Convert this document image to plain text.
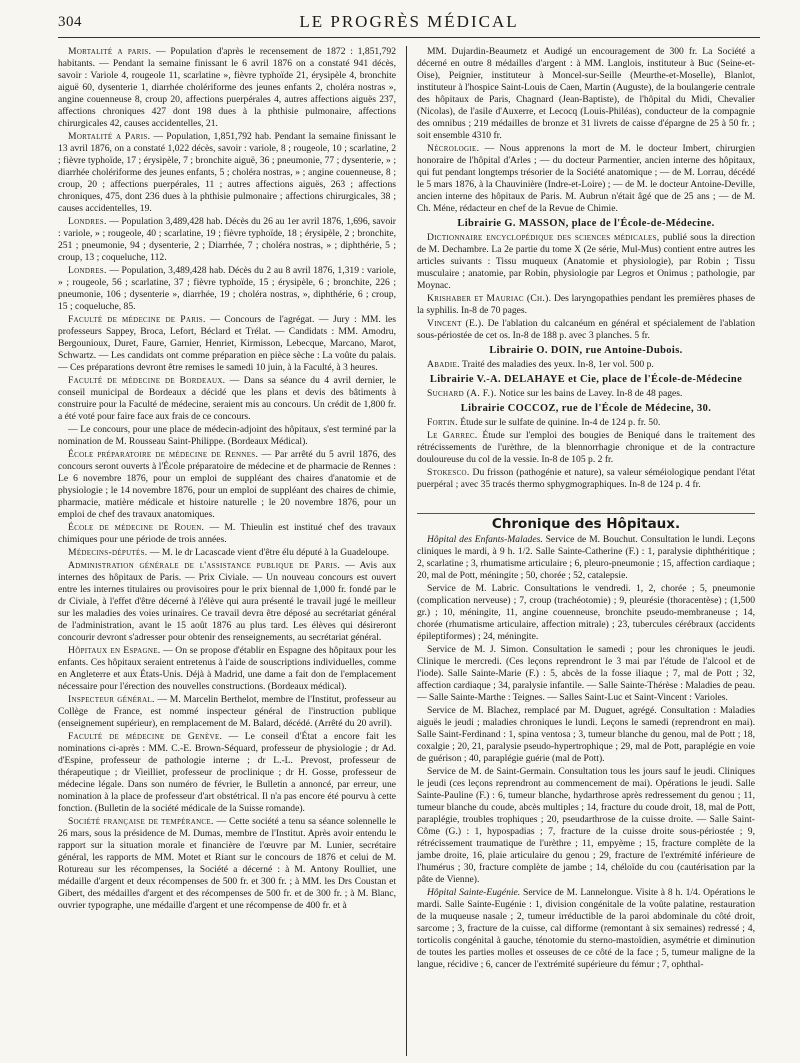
304	LE PROGRÈS MÉDICAL

Mortalité a paris. — Population d'après le recensement de 1872 : 1,851,792 habitants. — Pendant la semaine finissant le 6 avril 1876 on a constaté 941 décès, savoir : Variole 4, rougeole 11, scarlatine », fièvre typhoïde 21, érysipèle 4, bronchite aiguë 60, dysenterie 1, diarrhée cholériforme des jeunes enfants 2, choléra nostras », angine couenneuse 8, croup 20, affections puerpérales 4, autres affections aiguës 237, affections chroniques 427 dont 198 dues à la phthisie pulmonaire, affections chirurgicales 42, causes accidentelles, 21.

Mortalité a Paris. — Population, 1,851,792 hab. Pendant la semaine finissant le 13 avril 1876, on a constaté 1,022 décès, savoir : variole, 8 ; rougeole, 10 ; scarlatine, 2 ; fièvre typhoïde, 17 ; érysipèle, 7 ; bronchite aiguë, 36 ; pneumonie, 77 ; dysenterie, » ; diarrhée cholériforme des jeunes enfants, 5 ; choléra nostras, » ; angine couenneuse, 8 ; croup, 20 ; affections puerpérales, 11 ; autres affections aiguës, 263 ; affections chroniques, 475, dont 236 dues à la phthisie pulmonaire ; affections chirurgicales, 38 ; causes accidentelles, 19.

Londres. — Population 3,489,428 hab. Décès du 26 au 1er avril 1876, 1,696, savoir : variole, » ; rougeole, 40 ; scarlatine, 19 ; fièvre typhoïde, 18 ; érysipèle, 2 ; bronchite, 251 ; pneumonie, 94 ; dysenterie, 2 ; Diarrhée, 7 ; choléra nostras, » ; diphthérie, 5 ; croup, 13 ; coqueluche, 112.

Londres. — Population, 3,489,428 hab. Décès du 2 au 8 avril 1876, 1,319 : variole, » ; rougeole, 56 ; scarlatine, 37 ; fièvre typhoïde, 15 ; érysipèle, 6 ; bronchite, 226 ; pneumonie, 106 ; dysenterie », diarrhée, 19 ; choléra nostras, », diphthérie, 6 ; croup, 15 ; coqueluche, 85.

Faculté de médecine de Paris. — Concours de l'agrégat. — Jury : MM. les professeurs Sappey, Broca, Lefort, Béclard et Trélat. — Candidats : MM. Amodru, Bergounioux, Duret, Faure, Garnier, Henriet, Kirmisson, Lebecque, Marcano, Marot, Schwartz. — Les candidats ont comme préparation en pièce sèche : La voûte du palais. — Ces préparations devront être remises le samedi 10 juin, à la Faculté, à 3 heures.

Faculté de médecine de Bordeaux. — Dans sa séance du 4 avril dernier, le conseil municipal de Bordeaux a décidé que les plans et devis des bâtiments à construire pour la Faculté de médecine, seraient mis au concours. Un crédit de 1,800 fr. a été voté pour faire face aux frais de ce concours.

— Le concours, pour une place de médecin-adjoint des hôpitaux, s'est terminé par la nomination de M. Rousseau Saint-Philippe. (Bordeaux Médical).

École préparatoire de médecine de Rennes. — Par arrêté du 5 avril 1876, des concours seront ouverts à l'École préparatoire de médecine et de pharmacie de Rennes : Le 6 novembre 1876, pour un emploi de suppléant des chaires d'anatomie et de physiologie ; le 14 novembre 1876, pour un emploi de suppléant des chaires de chimie, pharmacie, matière médicale et histoire naturelle ; le 20 novembre 1876, pour un emploi de chef des travaux anatomiques.

École de médecine de Rouen. — M. Thieulin est institué chef des travaux chimiques pour une période de trois années.

Médecins-députés. — M. le dr Lacascade vient d'être élu député à la Guadeloupe.

Administration générale de l'assistance publique de Paris. — Avis aux internes des hôpitaux de Paris. — Prix Civiale. — Un nouveau concours est ouvert entre les internes titulaires ou provisoires pour le prix biennal de 1,000 fr. fondé par le dr Civiale, à l'effet d'être décerné à l'élève qui aura présenté le travail jugé le meilleur sur les maladies des voies urinaires. Ce travail devra être déposé au secrétariat général de l'administration, avant le 15 août 1876 au plus tard. Les élèves qui désireront concourir devront s'adresser pour obtenir des renseignements, au secrétariat général.

Hôpitaux en Espagne. — On se propose d'établir en Espagne des hôpitaux pour les enfants. Ces hôpitaux seraient entretenus à l'aide de souscriptions individuelles, comme en Angleterre et aux États-Unis. Déjà à Madrid, une dame a fait don de l'emplacement nécessaire pour l'érection des nouvelles constructions. (Bordeaux médical).

Inspecteur général. — M. Marcelin Berthelot, membre de l'Institut, professeur au Collège de France, est nommé inspecteur général de l'instruction publique (enseignement supérieur), en remplacement de M. Balard, décédé. (Arrêté du 20 avril).

Faculté de médecine de Genève. — Le conseil d'État a encore fait les nominations ci-après : MM. C.-E. Brown-Séquard, professeur de physiologie ; dr Ad. d'Espine, professeur de pathologie interne ; dr L.-L. Prevost, professeur de thérapeutique ; dr Vieilliet, professeur de proclinique ; dr H. Gosse, professeur de médecine légale. Dans son numéro de février, le Bulletin a annoncé, par erreur, une nomination à la place de professeur d'art obstétrical. Il n'a pas encore été pourvu à cette fonction. (Bulletin de la société médicale de la Suisse romande).

Société française de tempérance. — Cette société a tenu sa séance solennelle le 26 mars, sous la présidence de M. Dumas, membre de l'Institut. Après avoir entendu le rapport sur la situation morale et financière de l'œuvre par M. Lunier, secrétaire général, les rapports de MM. Motet et Riant sur le concours de 1876 et celui de M. Rotureau sur les récompenses, la Société a décerné : à M. Antony Roulliet, une médaille d'argent et deux récompenses de 500 fr. et 300 fr. ; à MM. les Drs Coustan et Gibert, des médailles d'argent et des récompenses de 500 fr. et de 300 fr. ; à M. Blanc, ouvrier typographe, une médaille d'argent et une récompense de 400 fr. et à

MM. Dujardin-Beaumetz et Audigé un encouragement de 300 fr. La Société a décerné en outre 8 médailles d'argent : à MM. Langlois, instituteur à Buc (Seine-et-Oise), Peignier, instituteur à Moncel-sur-Seille (Meurthe-et-Moselle), Blanlot, instituteur à l'hospice Saint-Louis de Caen, Martin (Auguste), de la boulangerie centrale des hôpitaux de Paris, Chagnard (Jean-Baptiste), de l'hôpital du Midi, Chevalier (Nicolas), de l'asile d'Auxerre, et Lecocq (Louis-Philéas), conducteur de la compagnie des omnibus ; 219 médailles de bronze et 31 livrets de caisse d'épargne de 25 à 50 fr. ; soit ensemble 4310 fr.

Nécrologie. — Nous apprenons la mort de M. le docteur Imbert, chirurgien honoraire de l'hôpital d'Arles ; — du docteur Parmentier, ancien interne des hôpitaux, qui fut pendant longtemps trésorier de la Société anatomique ; — de M. Lorrau, décédé le 5 mars 1876, à la Chauvinière (Indre-et-Loire) ; — de M. le docteur Antoine-Deville, ancien interne des hôpitaux de Paris. M. Aubrun n'était âgé que de 25 ans ; — de M. Ch. Méne, rédacteur en chef de la Revue de Chimie.

Librairie G. MASSON, place de l'École-de-Médecine.

Dictionnaire encyclopédique des sciences médicales, publié sous la direction de M. Dechambre. La 2e partie du tome X (2e série, Mul-Mus) contient entre autres les articles suivants : Tissu muqueux (Anatomie et physiologie), par Robin ; Tissu musculaire ; anatomie, par Robin, physiologie par Legros et Onimus ; pathologie, par Moynac.

Krishaber et Mauriac (Ch.). Des laryngopathies pendant les premières phases de la syphilis. In-8 de 70 pages.

Vincent (E.). De l'ablation du calcanéum en général et spécialement de l'ablation sous-périostée de cet os. In-8 de 188 p. avec 3 planches. 5 fr.

Librairie O. DOIN, rue Antoine-Dubois.

Abadie. Traité des maladies des yeux. In-8, 1er vol. 500 p.

Librairie V.-A. DELAHAYE et Cie, place de l'École-de-Médecine

Suchard (A. F.). Notice sur les bains de Lavey. In-8 de 48 pages.

Librairie COCCOZ, rue de l'École de Médecine, 30.

Fortin. Étude sur le sulfate de quinine. In-4 de 124 p. fr. 50.

Le Garrec. Étude sur l'emploi des bougies de Beniqué dans le traitement des rétrécissements de l'urèthre, de la blennorrhagie chronique et de la contracture douloureuse du col de la vessie. In-8 de 105 p. 2 fr.

Stokesco. Du frisson (pathogénie et nature), sa valeur séméiologique pendant l'état puerpéral ; avec 35 tracés thermo sphygmographiques. In-8 de 124 p. 4 fr.

Chronique des Hôpitaux.

Hôpital des Enfants-Malades. Service de M. Bouchut. Consultation le lundi. Leçons cliniques le mardi, à 9 h. 1/2. Salle Sainte-Catherine (F.) : 1, paralysie diphthéritique ; 2, scarlatine ; 3, rhumatisme articulaire ; 6, pleuro-pneumonie ; 15, affection cardiaque ; 20, mal de Pott, méningite ; 50, chorée ; 52, catalepsie.

Service de M. Labric. Consultations le vendredi. 1, 2, chorée ; 5, pneumonie (complication nerveuse) ; 7, croup (trachéotomie) ; 9, pleurésie (thoracentèse) ; (1,500 gr.) ; 10, méningite, 11, angine couenneuse, bronchite pseudo-membraneuse ; 14, chorée (rhumatisme articulaire, affection mitrale) ; 23, tubercules cérébraux (accidents épileptiformes) ; 24, méningite.

Service de M. J. Simon. Consultation le samedi ; pour les chroniques le jeudi. Clinique le mercredi. (Ces leçons reprendront le 3 mai par l'étude de l'alcool et de l'iode). Salle Sainte-Marie (F.) : 5, abcès de la fosse iliaque ; 7, mal de Pott ; 32, affection cardiaque ; 34, paralysie infantile. — Salle Sainte-Thérèse : Maladies de peau. — Salle Sainte-Marthe : Teignes. — Salles Saint-Luc et Saint-Vincent : Varioles.

Service de M. Blachez, remplacé par M. Duguet, agrégé. Consultation : Maladies aiguës le jeudi ; maladies chroniques le lundi. Leçons le samedi (reprendront en mai). Salle Saint-Ferdinand : 1, spina ventosa ; 3, tumeur blanche du genou, mal de Pott ; 18, coxalgie ; 20, 21, paralysie pseudo-hypertrophique ; 29, mal de Pott, paraplégie en voie de guérison ; 40, paraplégie guérie (mal de Pott).

Service de M. de Saint-Germain. Consultation tous les jours sauf le jeudi. Cliniques le jeudi (ces leçons reprendront au commencement de mai). Opérations le jeudi. Salle Sainte-Pauline (F.) : 6, tumeur blanche, hydarthrose après redressement du genou ; 11, tumeur blanche du coude, abcès multiples ; 14, fracture du coude droit, 18, mal de Pott, paraplégie, troubles trophiques ; 20, pseudarthrose de la cuisse droite. — Salle Saint-Côme (G.) : 1, hypospadias ; 7, fracture de la cuisse droite sous-périostée ; 9, rétrécissement traumatique de l'urèthre ; 11, empyème ; 15, fracture complète de la jambe droite, 16, plaie articulaire du genou ; 29, fracture de l'extrémité inférieure de l'humérus ; 30, fracture complète de jambe ; 14, chéloïde du cou (cautérisation par la pâte de Vienne).

Hôpital Sainte-Eugénie. Service de M. Lannelongue. Visite à 8 h. 1/4. Opérations le mardi. Salle Sainte-Eugénie : 1, division congénitale de la voûte palatine, restauration de la muqueuse nasale ; 2, tumeur irréductible de la paroi abdominale du côté droit, sarcome ; 3, fracture de la cuisse, cal difforme (remontant à six semaines) redressé ; 4, torticolis congénital à gauche, ténotomie du sterno-mastoïdien, asymétrie et diminution de toutes les parties molles et osseuses de ce côté de la face ; 5, tumeur maligne de la langue, récidive ; 6, cancer de l'extrémité supérieure du fémur ; 7, ophthal-
